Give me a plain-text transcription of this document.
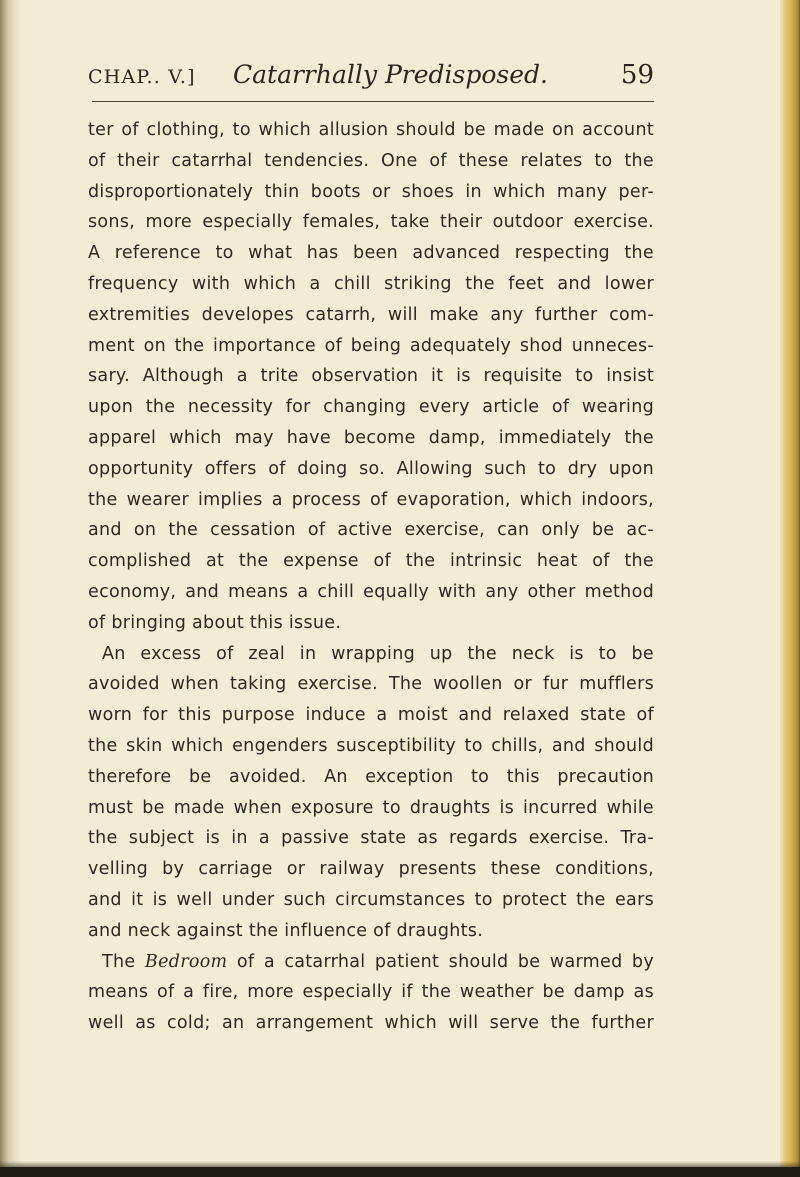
CHAP.. V.] Catarrhally Predisposed.	59
ter of clothing, to which allusion should be made on account
of their catarrhal tendencies. One of these relates to the
disproportionately thin boots or shoes in which many per-
sons, more especially females, take their outdoor exercise.
A reference to what has been advanced respecting the
frequency with which a chill striking the feet and lower
extremities developes catarrh, will make any further com-
ment on the importance of being adequately shod unneces-
sary. Although a trite observation it is requisite to insist
upon the necessity for changing every article of wearing
apparel which may have become damp, immediately the
opportunity offers of doing so. Allowing such to dry upon
the wearer implies a process of evaporation, which indoors,
and on the cessation of active exercise, can only be ac-
complished at the expense of the intrinsic heat of the
economy, and means a chill equally with any other method
of bringing about this issue.
An excess of zeal in wrapping up the neck is to be
avoided when taking exercise. The woollen or fur mufflers
worn for this purpose induce a moist and relaxed state of
the skin which engenders susceptibility to chills, and should
therefore be avoided. An exception to this precaution
must be made when exposure to draughts is incurred while
the subject is in a passive state as regards exercise. Tra-
velling by carriage or railway presents these conditions,
and it is well under such circumstances to protect the ears
and neck against the influence of draughts.
The Bedroom of a catarrhal patient should be warmed by
means of a fire, more especially if the weather be damp as
well as cold; an arrangement which will serve the further
